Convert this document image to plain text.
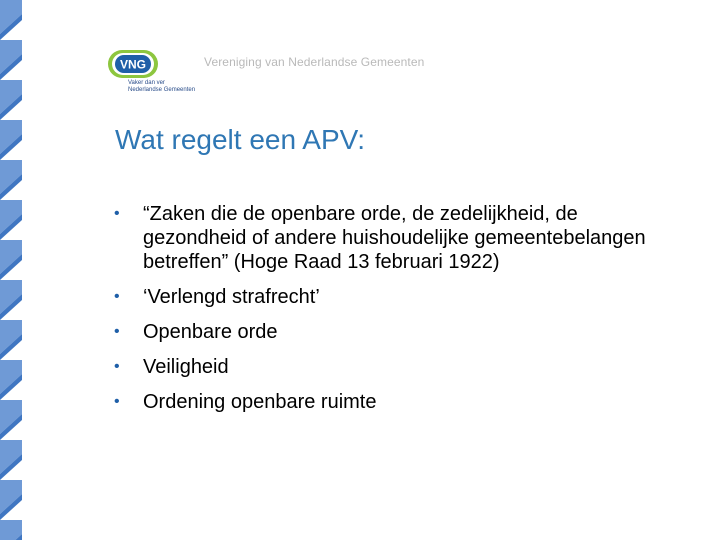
VNG
Vaker dan ver
Nederlandse Gemeenten
Vereniging van Nederlandse Gemeenten
Wat regelt een APV:
•	“Zaken die de openbare orde, de zedelijkheid, de gezondheid of andere huishoudelijke gemeentebelangen betreffen” (Hoge Raad 13 februari 1922)
•	‘Verlengd strafrecht’
•	Openbare orde
•	Veiligheid
•	Ordening openbare ruimte
